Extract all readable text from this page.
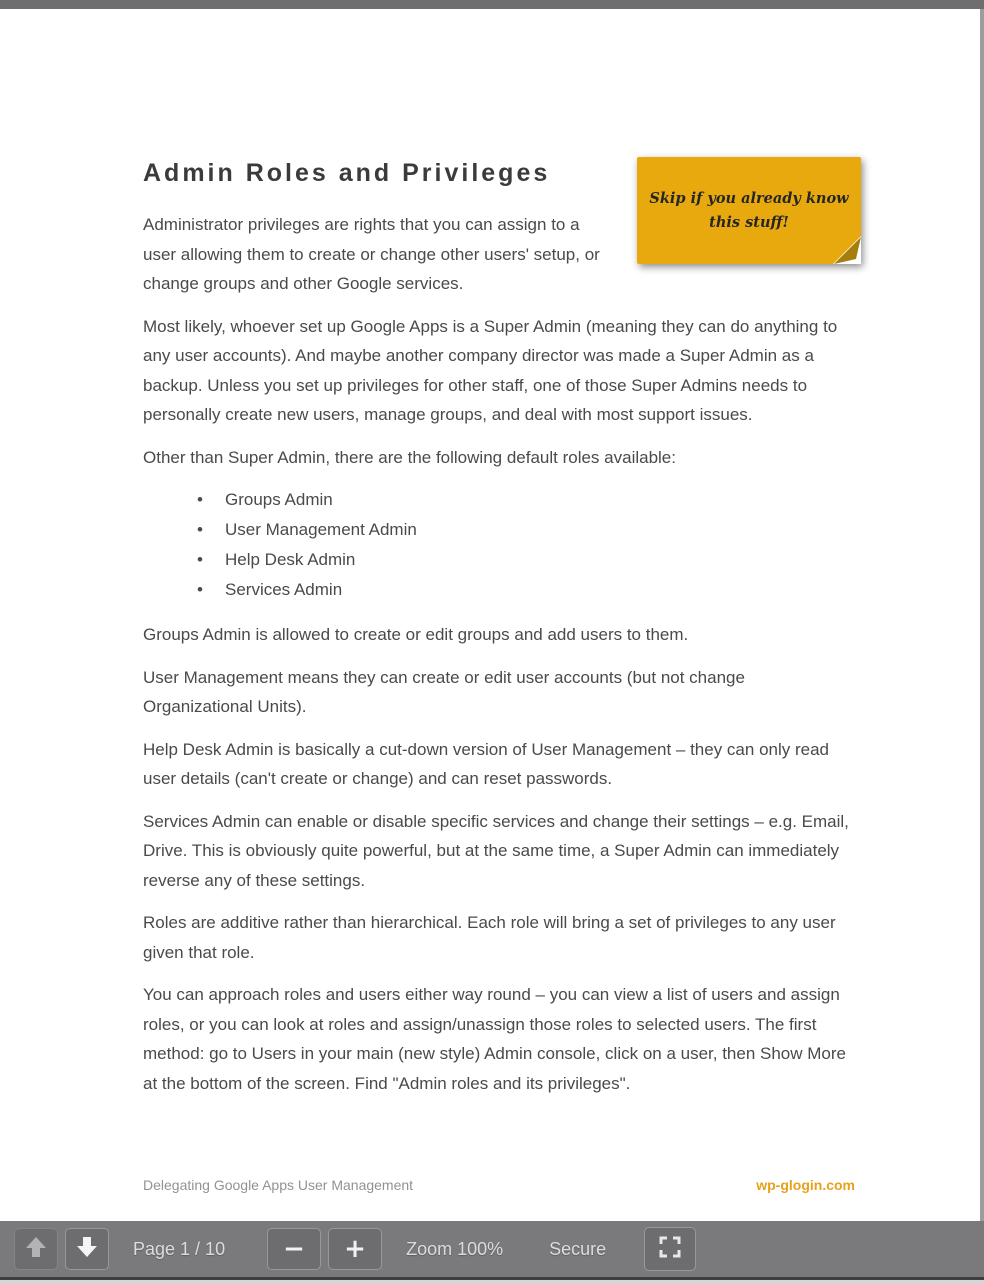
Admin Roles and Privileges
Skip if you already know
this stuff!

Administrator privileges are rights that you can assign to a user allowing them to create or change other users' setup, or change groups and other Google services.

Most likely, whoever set up Google Apps is a Super Admin (meaning they can do anything to any user accounts). And maybe another company director was made a Super Admin as a backup. Unless you set up privileges for other staff, one of those Super Admins needs to personally create new users, manage groups, and deal with most support issues.

Other than Super Admin, there are the following default roles available:

• Groups Admin
• User Management Admin
• Help Desk Admin
• Services Admin

Groups Admin is allowed to create or edit groups and add users to them.

User Management means they can create or edit user accounts (but not change Organizational Units).

Help Desk Admin is basically a cut-down version of User Management – they can only read user details (can't create or change) and can reset passwords.

Services Admin can enable or disable specific services and change their settings – e.g. Email, Drive. This is obviously quite powerful, but at the same time, a Super Admin can immediately reverse any of these settings.

Roles are additive rather than hierarchical. Each role will bring a set of privileges to any user given that role.

You can approach roles and users either way round – you can view a list of users and assign roles, or you can look at roles and assign/unassign those roles to selected users. The first method: go to Users in your main (new style) Admin console, click on a user, then Show More at the bottom of the screen. Find "Admin roles and its privileges".

Delegating Google Apps User Management	wp-glogin.com
Page 1 / 10 − + Zoom 100%	Secure
